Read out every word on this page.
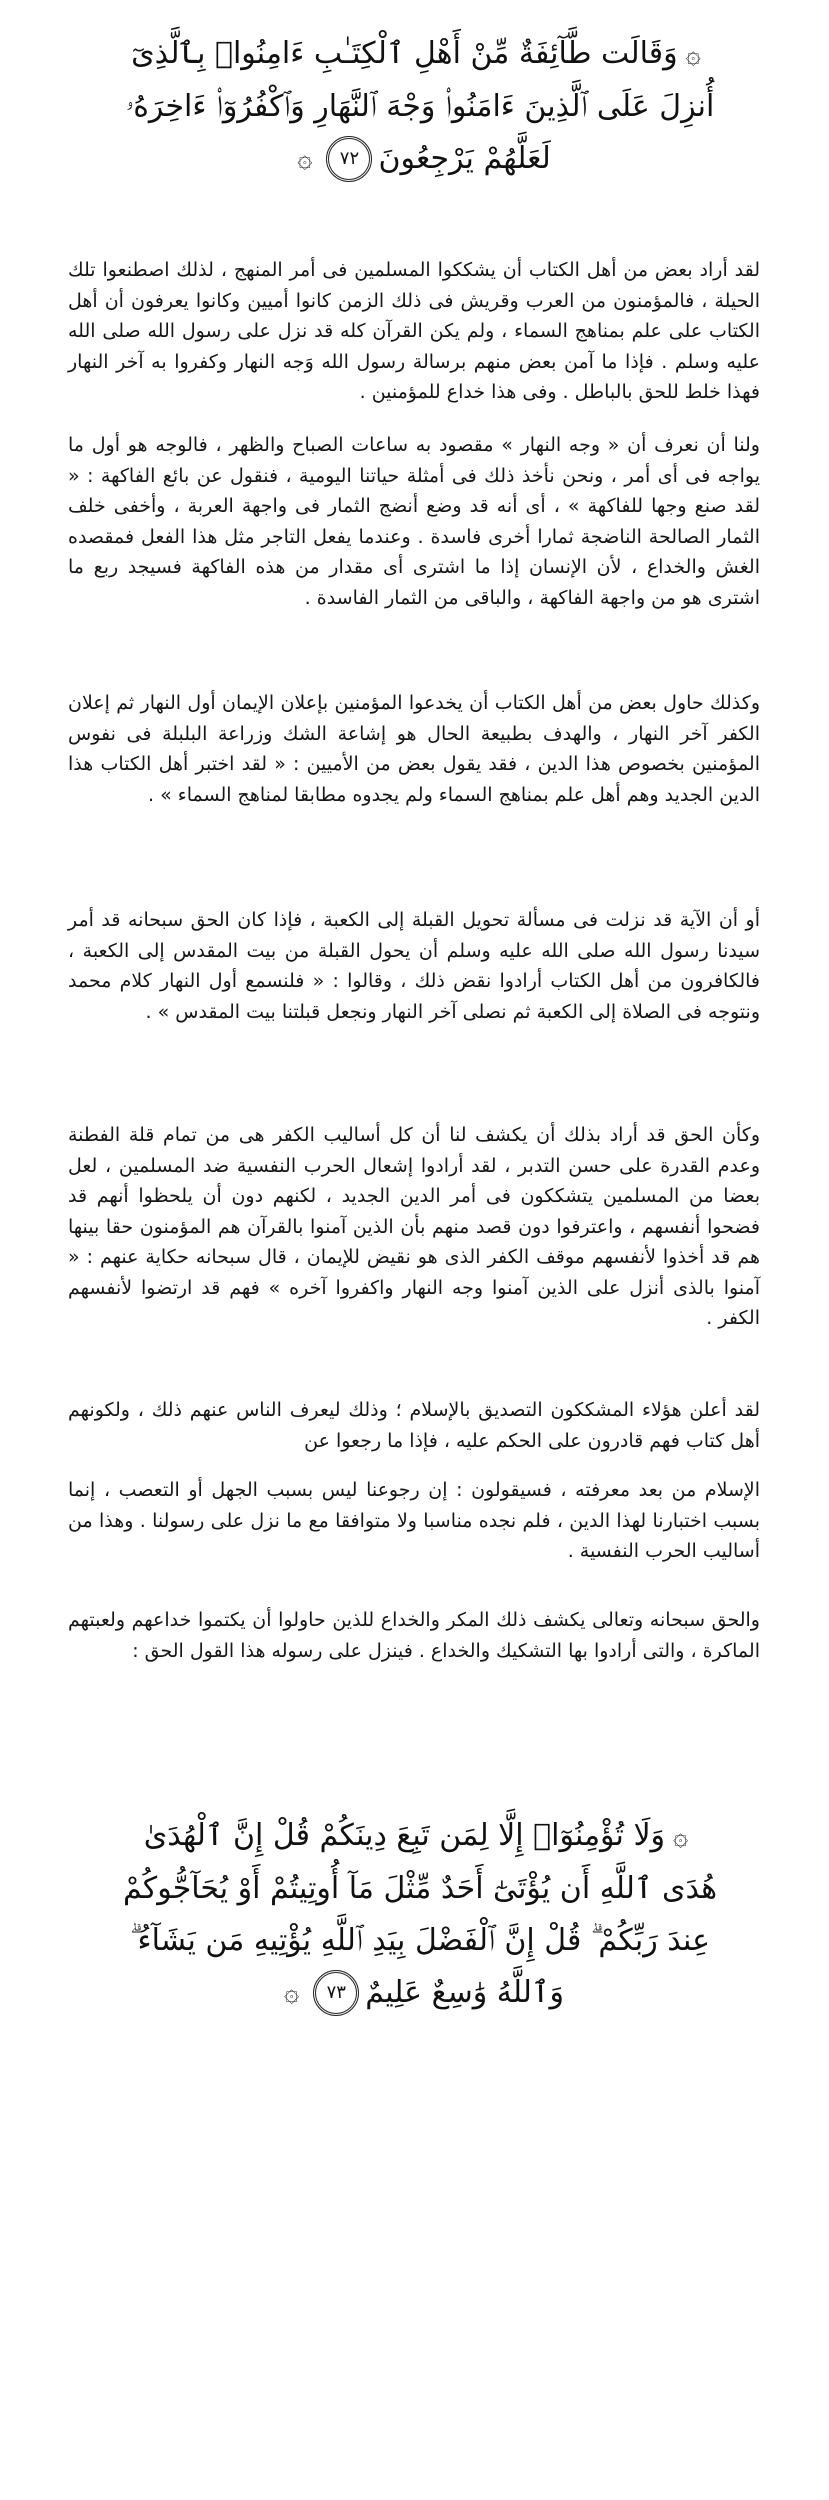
۞وَقَالَت طَّآئِفَةٌ مِّنْ أَهْلِ ٱلْكِتَـٰبِ ءَامِنُوا۟ بِٱلَّذِىٓ
أُنزِلَ عَلَى ٱلَّذِينَ ءَامَنُوا۟ وَجْهَ ٱلنَّهَارِ وَٱكْفُرُوٓا۟ ءَاخِرَهُۥ
لَعَلَّهُمْ يَرْجِعُونَ٧٢۞

لقد أراد بعض من أهل الكتاب أن يشككوا المسلمين فى أمر المنهج ، لذلك اصطنعوا تلك الحيلة ، فالمؤمنون من العرب وقريش فى ذلك الزمن كانوا أميين وكانوا يعرفون أن أهل الكتاب على علم بمناهج السماء ، ولم يكن القرآن كله قد نزل على رسول الله صلى الله عليه وسلم . فإذا ما آمن بعض منهم برسالة رسول الله وَجه النهار وكفروا به آخر النهار فهذا خلط للحق بالباطل . وفى هذا خداع للمؤمنين .

ولنا أن نعرف أن « وجه النهار » مقصود به ساعات الصباح والظهر ، فالوجه هو أول ما يواجه فى أى أمر ، ونحن نأخذ ذلك فى أمثلة حياتنا اليومية ، فنقول عن بائع الفاكهة : « لقد صنع وجها للفاكهة » ، أى أنه قد وضع أنضج الثمار فى واجهة العربة ، وأخفى خلف الثمار الصالحة الناضجة ثمارا أخرى فاسدة . وعندما يفعل التاجر مثل هذا الفعل فمقصده الغش والخداع ، لأن الإنسان إذا ما اشترى أى مقدار من هذه الفاكهة فسيجد ربع ما اشترى هو من واجهة الفاكهة ، والباقى من الثمار الفاسدة .

وكذلك حاول بعض من أهل الكتاب أن يخدعوا المؤمنين بإعلان الإيمان أول النهار ثم إعلان الكفر آخر النهار ، والهدف بطبيعة الحال هو إشاعة الشك وزراعة البلبلة فى نفوس المؤمنين بخصوص هذا الدين ، فقد يقول بعض من الأميين : « لقد اختبر أهل الكتاب هذا الدين الجديد وهم أهل علم بمناهج السماء ولم يجدوه مطابقا لمناهج السماء » .

أو أن الآية قد نزلت فى مسألة تحويل القبلة إلى الكعبة ، فإذا كان الحق سبحانه قد أمر سيدنا رسول الله صلى الله عليه وسلم أن يحول القبلة من بيت المقدس إلى الكعبة ، فالكافرون من أهل الكتاب أرادوا نقض ذلك ، وقالوا : « فلنسمع أول النهار كلام محمد ونتوجه فى الصلاة إلى الكعبة ثم نصلى آخر النهار ونجعل قبلتنا بيت المقدس » .

وكأن الحق قد أراد بذلك أن يكشف لنا أن كل أساليب الكفر هى من تمام قلة الفطنة وعدم القدرة على حسن التدبر ، لقد أرادوا إشعال الحرب النفسية ضد المسلمين ، لعل بعضا من المسلمين يتشككون فى أمر الدين الجديد ، لكنهم دون أن يلحظوا أنهم قد فضحوا أنفسهم ، واعترفوا دون قصد منهم بأن الذين آمنوا بالقرآن هم المؤمنون حقا بينها هم قد أخذوا لأنفسهم موقف الكفر الذى هو نقيض للإيمان ، قال سبحانه حكاية عنهم : « آمنوا بالذى أنزل على الذين آمنوا وجه النهار واكفروا آخره » فهم قد ارتضوا لأنفسهم الكفر .

لقد أعلن هؤلاء المشككون التصديق بالإسلام ؛ وذلك ليعرف الناس عنهم ذلك ، ولكونهم أهل كتاب فهم قادرون على الحكم عليه ، فإذا ما رجعوا عن

الإسلام من بعد معرفته ، فسيقولون : إن رجوعنا ليس بسبب الجهل أو التعصب ، إنما بسبب اختبارنا لهذا الدين ، فلم نجده مناسبا ولا متوافقا مع ما نزل على رسولنا . وهذا من أساليب الحرب النفسية .

والحق سبحانه وتعالى يكشف ذلك المكر والخداع للذين حاولوا أن يكتموا خداعهم ولعبتهم الماكرة ، والتى أرادوا بها التشكيك والخداع . فينزل على رسوله هذا القول الحق :

۞وَلَا تُؤْمِنُوٓا۟ إِلَّا لِمَن تَبِعَ دِينَكُمْ قُلْ إِنَّ ٱلْهُدَىٰ
هُدَى ٱللَّهِ أَن يُؤْتَىٰٓ أَحَدٌ مِّثْلَ مَآ أُوتِيتُمْ أَوْ يُحَآجُّوكُمْ
عِندَ رَبِّكُمْ ۗ قُلْ إِنَّ ٱلْفَضْلَ بِيَدِ ٱللَّهِ يُؤْتِيهِ مَن يَشَآءُ ۗ
وَٱللَّهُ وَٰسِعٌ عَلِيمٌ٧٣۞
